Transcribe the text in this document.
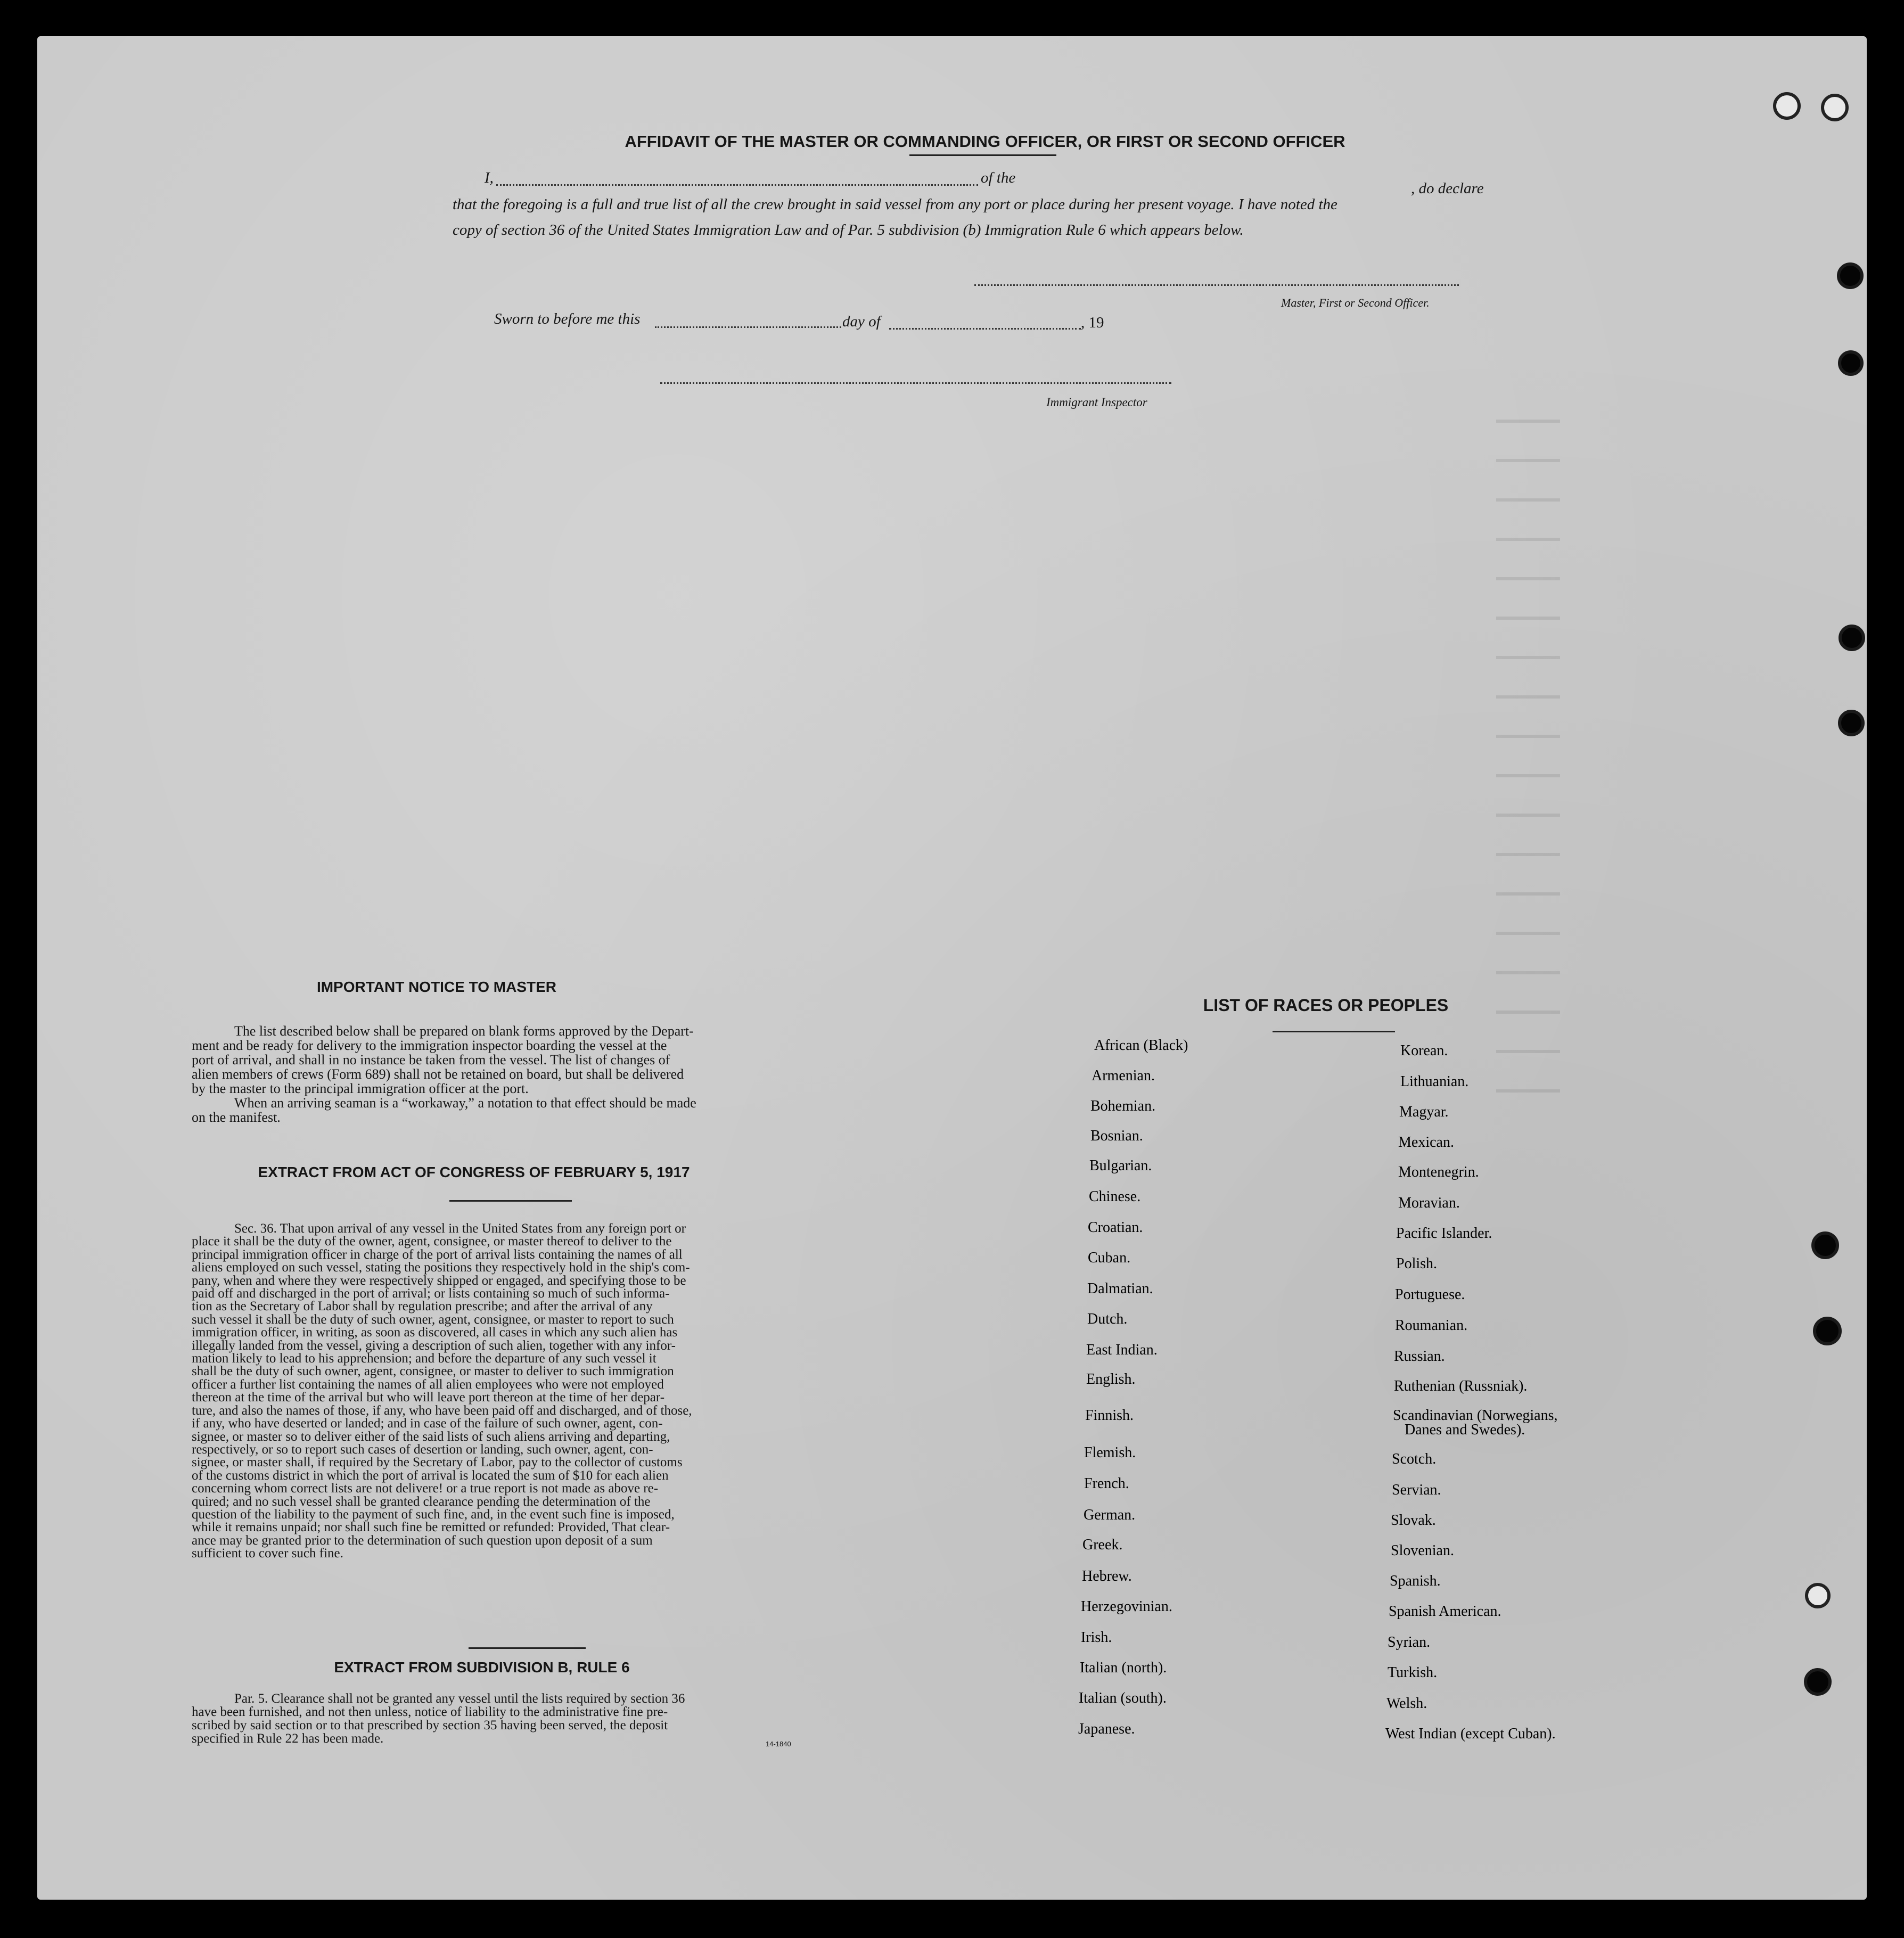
AFFIDAVIT OF THE MASTER OR COMMANDING OFFICER, OR FIRST OR SECOND OFFICER
I,	of the
that the foregoing is a full and true list of all the crew brought in said vessel from any port or place during her present voyage. I have noted the
, do declare
copy of section 36 of the United States Immigration Law and of Par. 5 subdivision (b) Immigration Rule 6 which appears below.
Master, First or Second Officer.
Sworn to before me this	day of	, 19
Immigrant Inspector
IMPORTANT NOTICE TO MASTER
The list described below shall be prepared on blank forms approved by the Depart-
ment and be ready for delivery to the immigration inspector boarding the vessel at the
port of arrival, and shall in no instance be taken from the vessel. The list of changes of
alien members of crews (Form 689) shall not be retained on board, but shall be delivered
by the master to the principal immigration officer at the port.
When an arriving seaman is a “workaway,” a notation to that effect should be made
on the manifest.
EXTRACT FROM ACT OF CONGRESS OF FEBRUARY 5, 1917
Sec. 36. That upon arrival of any vessel in the United States from any foreign port or
place it shall be the duty of the owner, agent, consignee, or master thereof to deliver to the
principal immigration officer in charge of the port of arrival lists containing the names of all
aliens employed on such vessel, stating the positions they respectively hold in the ship's com-
pany, when and where they were respectively shipped or engaged, and specifying those to be
paid off and discharged in the port of arrival; or lists containing so much of such informa-
tion as the Secretary of Labor shall by regulation prescribe; and after the arrival of any
such vessel it shall be the duty of such owner, agent, consignee, or master to report to such
immigration officer, in writing, as soon as discovered, all cases in which any such alien has
illegally landed from the vessel, giving a description of such alien, together with any infor-
mation likely to lead to his apprehension; and before the departure of any such vessel it
shall be the duty of such owner, agent, consignee, or master to deliver to such immigration
officer a further list containing the names of all alien employees who were not employed
thereon at the time of the arrival but who will leave port thereon at the time of her depar-
ture, and also the names of those, if any, who have been paid off and discharged, and of those,
if any, who have deserted or landed; and in case of the failure of such owner, agent, con-
signee, or master so to deliver either of the said lists of such aliens arriving and departing,
respectively, or so to report such cases of desertion or landing, such owner, agent, con-
signee, or master shall, if required by the Secretary of Labor, pay to the collector of customs
of the customs district in which the port of arrival is located the sum of $10 for each alien
concerning whom correct lists are not delivere! or a true report is not made as above re-
quired; and no such vessel shall be granted clearance pending the determination of the
question of the liability to the payment of such fine, and, in the event such fine is imposed,
while it remains unpaid; nor shall such fine be remitted or refunded: Provided, That clear-
ance may be granted prior to the determination of such question upon deposit of a sum
sufficient to cover such fine.
EXTRACT FROM SUBDIVISION B, RULE 6
Par. 5. Clearance shall not be granted any vessel until the lists required by section 36
have been furnished, and not then unless, notice of liability to the administrative fine pre-
scribed by said section or to that prescribed by section 35 having been served, the deposit
specified in Rule 22 has been made.	14-1840
LIST OF RACES OR PEOPLES
African (Black)
Armenian.
Bohemian.
Bosnian.
Bulgarian.
Chinese.
Croatian.
Cuban.
Dalmatian.
Dutch.
East Indian.
English.
Finnish.
Flemish.
French.
German.
Greek.
Hebrew.
Herzegovinian.
Irish.
Italian (north).
Italian (south).
Japanese.
Korean.
Lithuanian.
Magyar.
Mexican.
Montenegrin.
Moravian.
Pacific Islander.
Polish.
Portuguese.
Roumanian.
Russian.
Ruthenian (Russniak).
Scandinavian (Norwegians,
Danes and Swedes).
Scotch.
Servian.
Slovak.
Slovenian.
Spanish.
Spanish American.
Syrian.
Turkish.
Welsh.
West Indian (except Cuban).
